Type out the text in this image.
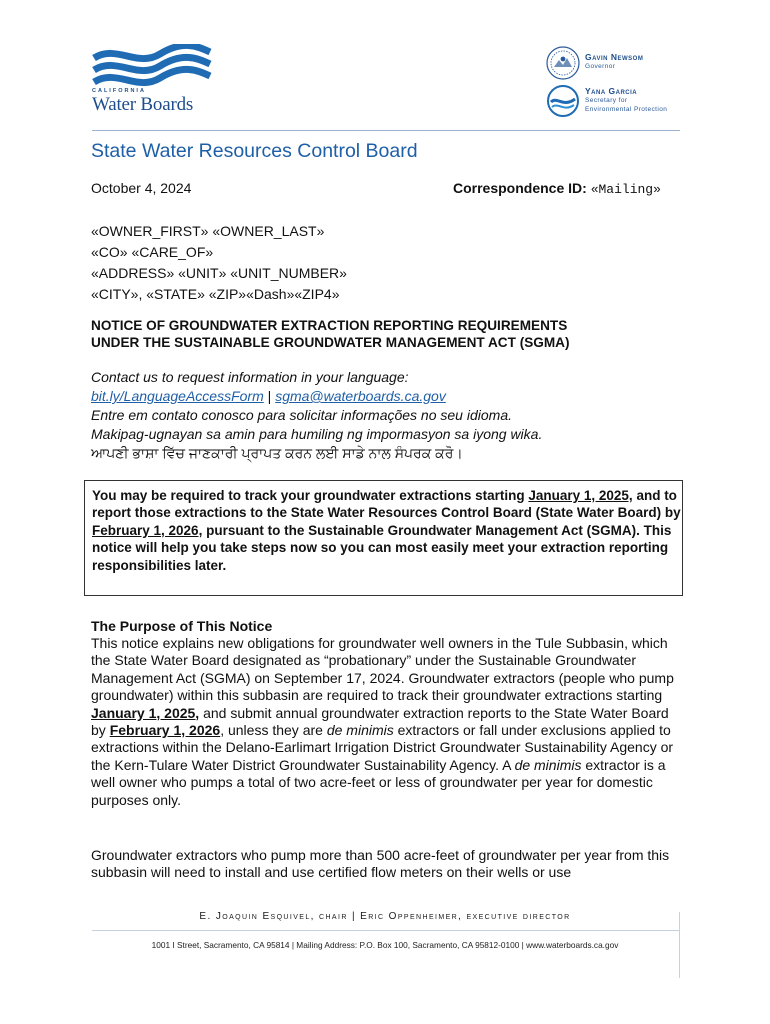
CALIFORNIA
Water Boards
Gavin Newsom
Governor
Yana Garcia
Secretary for
Environmental Protection
State Water Resources Control Board
October 4, 2024	Correspondence ID: «Mailing»
«OWNER_FIRST» «OWNER_LAST»
«CO» «CARE_OF»
«ADDRESS» «UNIT» «UNIT_NUMBER»
«CITY», «STATE» «ZIP»«Dash»«ZIP4»
NOTICE OF GROUNDWATER EXTRACTION REPORTING REQUIREMENTS
UNDER THE SUSTAINABLE GROUNDWATER MANAGEMENT ACT (SGMA)
Contact us to request information in your language:
bit.ly/LanguageAccessForm | sgma@waterboards.ca.gov
Entre em contato conosco para solicitar informações no seu idioma.
Makipag-ugnayan sa amin para humiling ng impormasyon sa iyong wika.
ਆਪਣੀ ਭਾਸ਼ਾ ਵਿੱਚ ਜਾਣਕਾਰੀ ਪ੍ਰਾਪਤ ਕਰਨ ਲਈ ਸਾਡੇ ਨਾਲ ਸੰਪਰਕ ਕਰੋ।
You may be required to track your groundwater extractions starting January 1, 2025, and to report those extractions to the State Water Resources Control Board (State Water Board) by February 1, 2026, pursuant to the Sustainable Groundwater Management Act (SGMA). This notice will help you take steps now so you can most easily meet your extraction reporting responsibilities later.
The Purpose of This Notice
This notice explains new obligations for groundwater well owners in the Tule Subbasin, which the State Water Board designated as “probationary” under the Sustainable Groundwater Management Act (SGMA) on September 17, 2024. Groundwater extractors (people who pump groundwater) within this subbasin are required to track their groundwater extractions starting January 1, 2025, and submit annual groundwater extraction reports to the State Water Board by February 1, 2026, unless they are de minimis extractors or fall under exclusions applied to extractions within the Delano-Earlimart Irrigation District Groundwater Sustainability Agency or the Kern-Tulare Water District Groundwater Sustainability Agency. A de minimis extractor is a well owner who pumps a total of two acre-feet or less of groundwater per year for domestic purposes only.
Groundwater extractors who pump more than 500 acre-feet of groundwater per year from this subbasin will need to install and use certified flow meters on their wells or use
E. Joaquin Esquivel, chair | Eric Oppenheimer, executive director
1001 I Street, Sacramento, CA 95814 | Mailing Address: P.O. Box 100, Sacramento, CA 95812-0100 | www.waterboards.ca.gov
